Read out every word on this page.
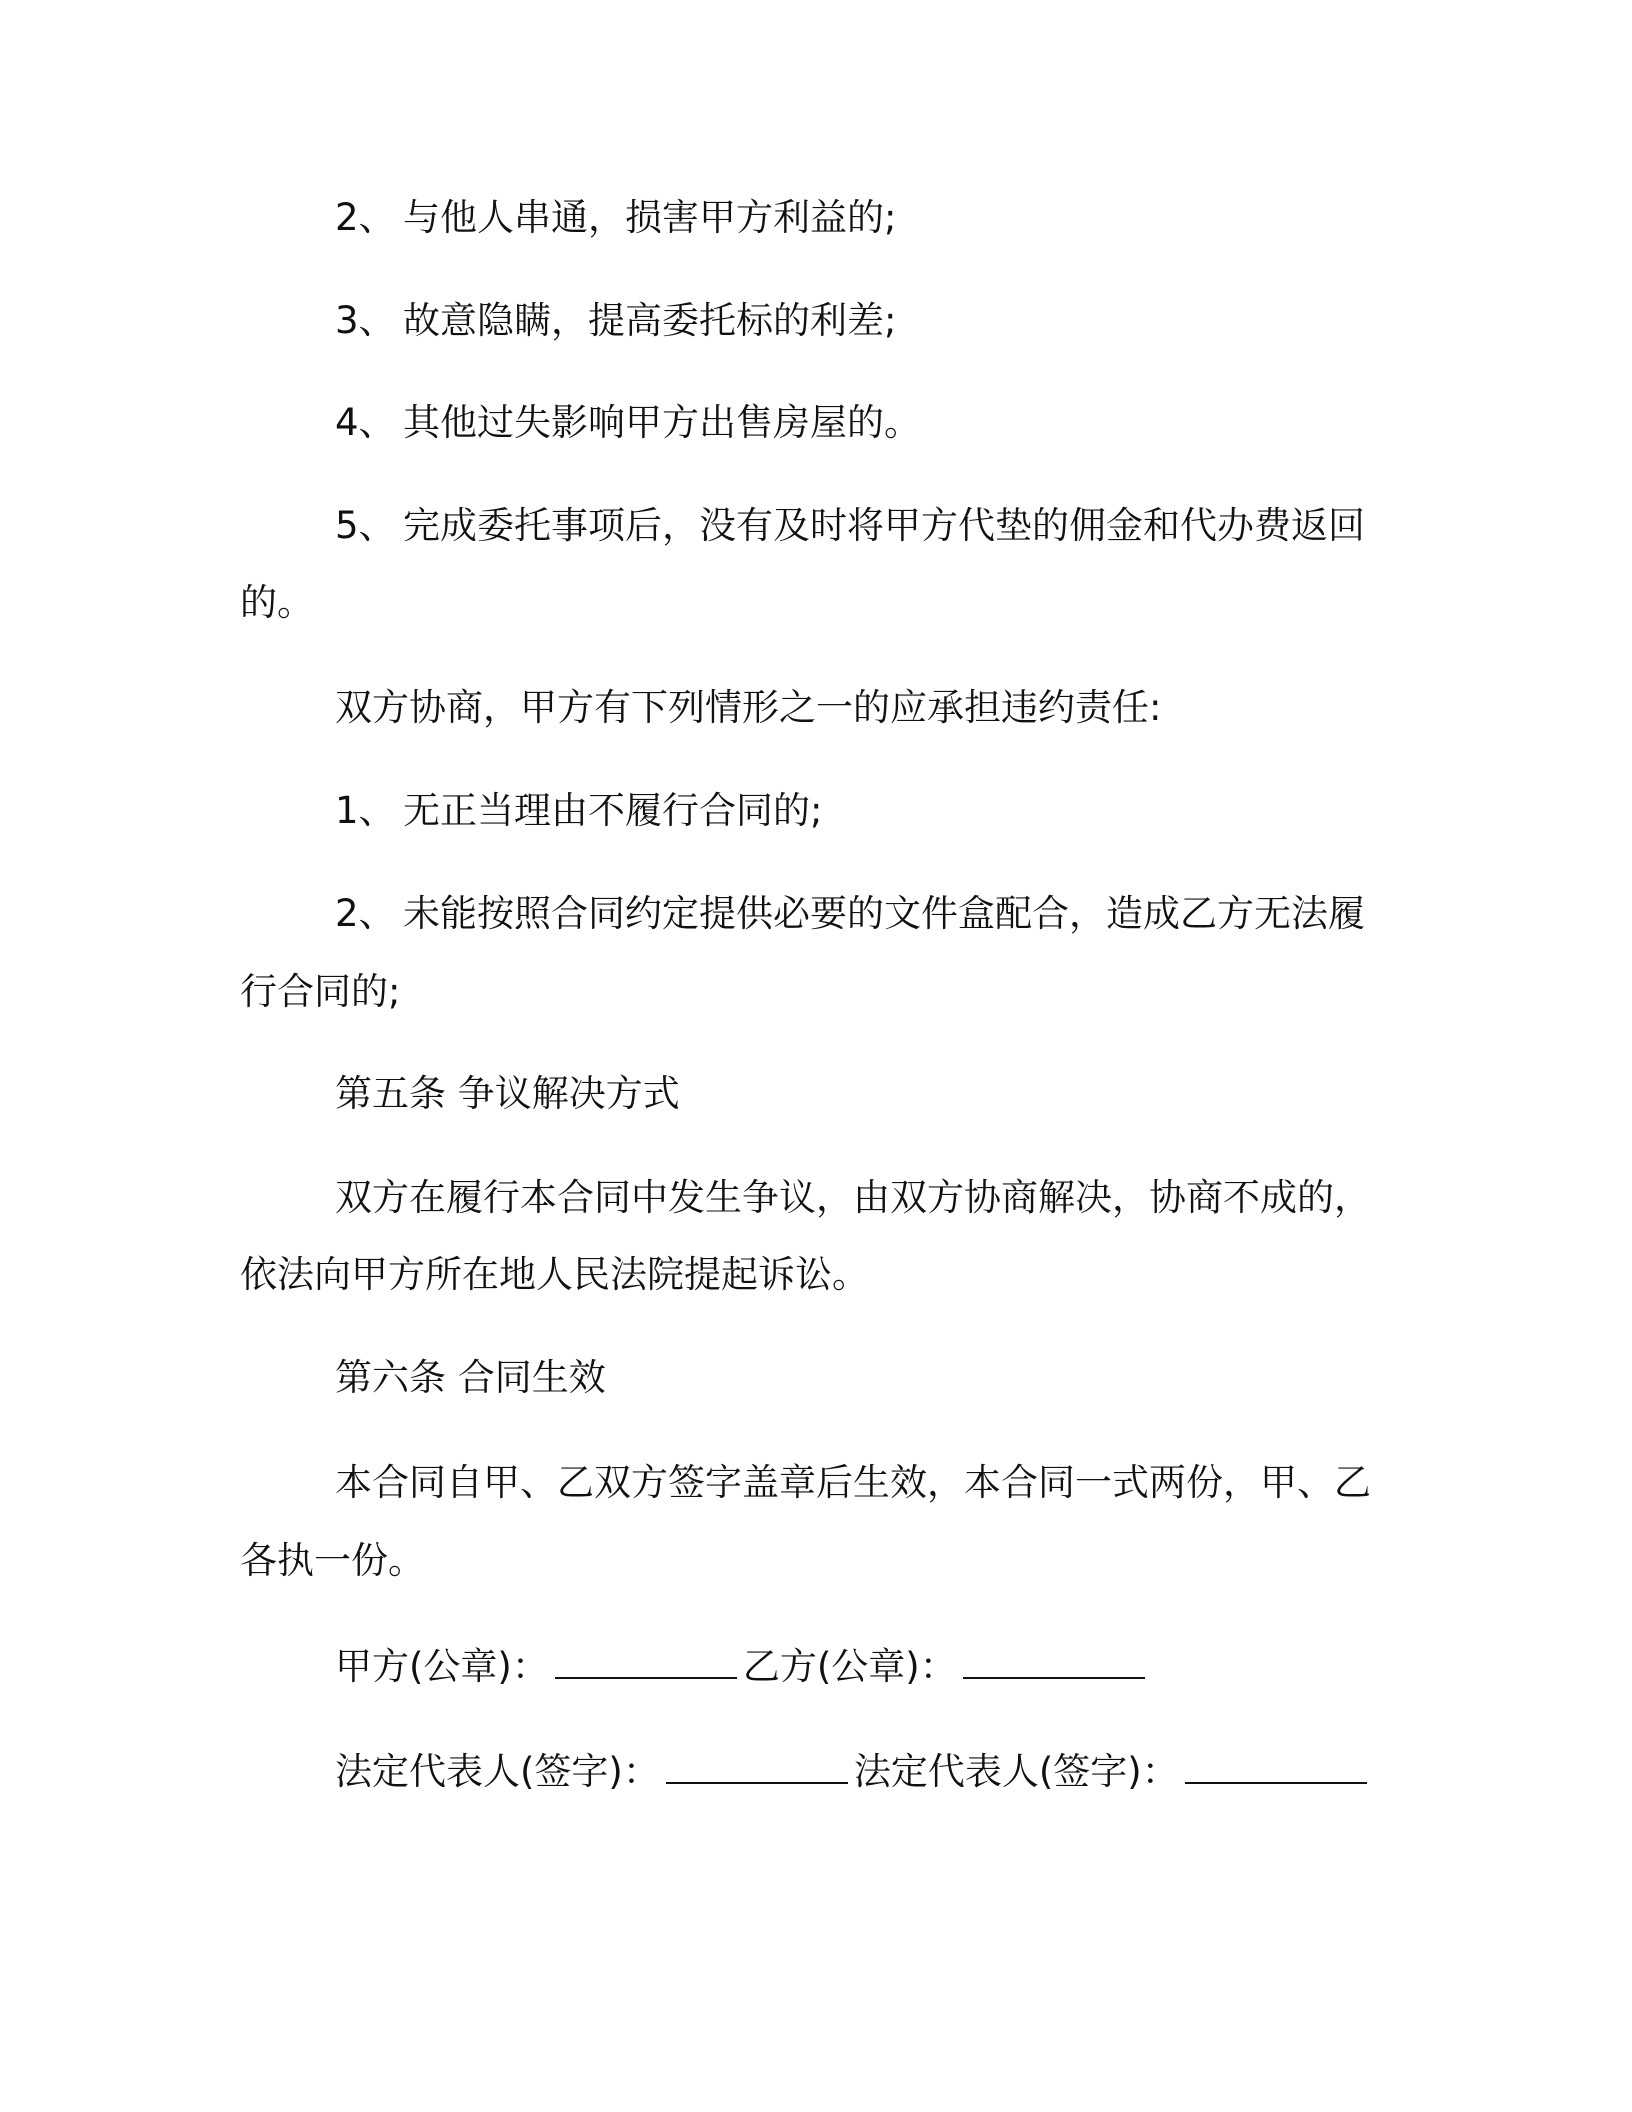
2、 与他人串通，损害甲方利益的;
3、 故意隐瞒，提高委托标的利差;
4、 其他过失影响甲方出售房屋的。
5、 完成委托事项后，没有及时将甲方代垫的佣金和代办费返回
的。
双方协商，甲方有下列情形之一的应承担违约责任:
1、 无正当理由不履行合同的;
2、 未能按照合同约定提供必要的文件盒配合，造成乙方无法履
行合同的;
第五条 争议解决方式
双方在履行本合同中发生争议，由双方协商解决，协商不成的，
依法向甲方所在地人民法院提起诉讼。
第六条 合同生效
本合同自甲、乙双方签字盖章后生效，本合同一式两份，甲、乙
各执一份。
甲方(公章)：	乙方(公章)：
法定代表人(签字)：	法定代表人(签字)：
